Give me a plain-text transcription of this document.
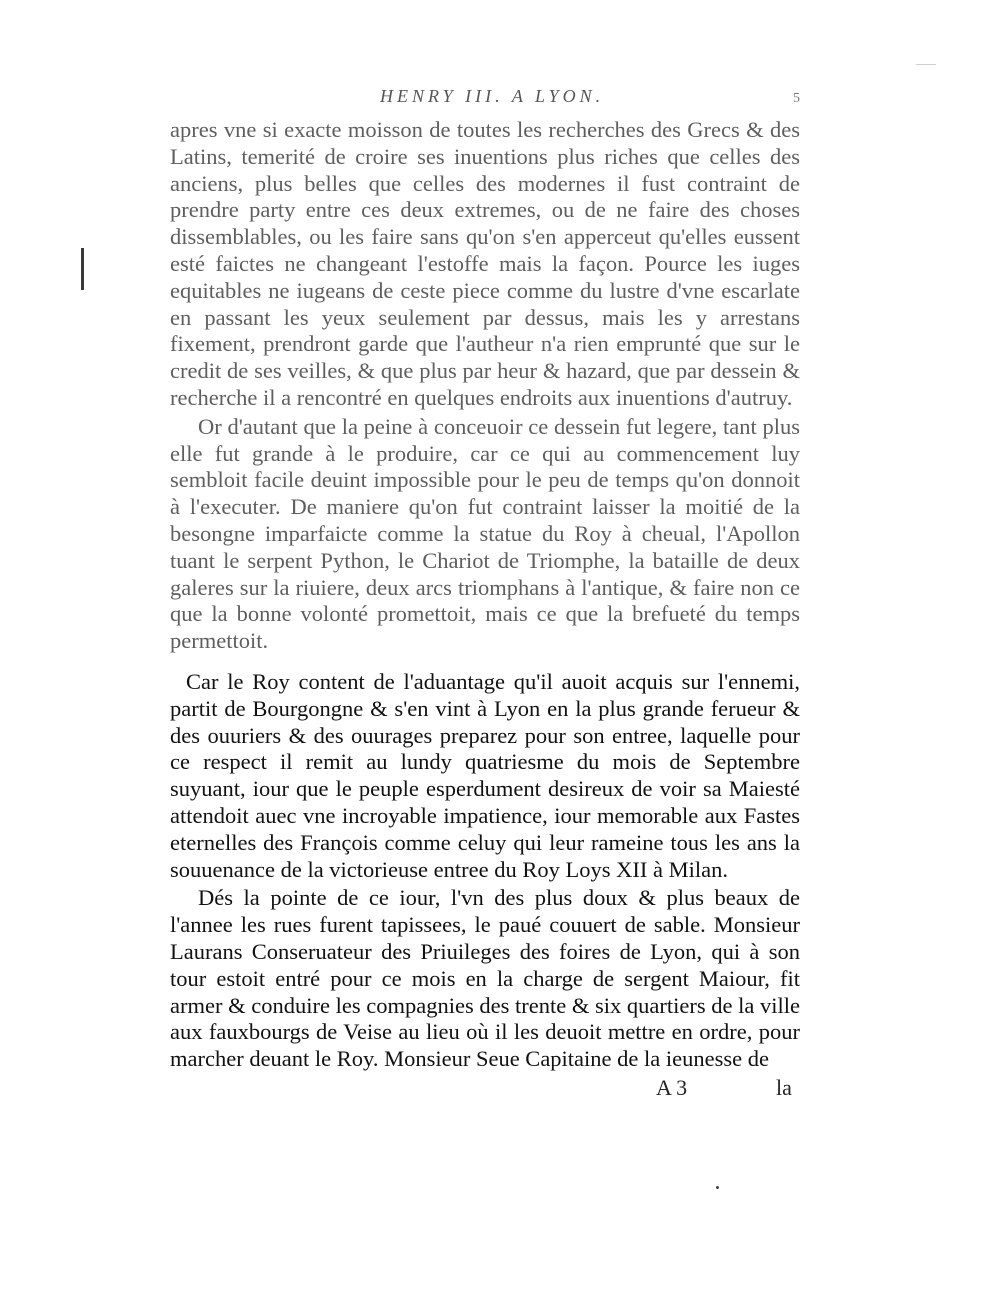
HENRY III. A LYON.	5

apres vne si exacte moisson de toutes les recherches des Grecs & des Latins, temerité de croire ses inuentions plus riches que celles des anciens, plus belles que celles des modernes il fust contraint de prendre party entre ces deux extremes, ou de ne faire des choses dissemblables, ou les faire sans qu'on s'en apperceut qu'elles eussent esté faictes ne changeant l'estoffe mais la façon. Pource les iuges equitables ne iugeans de ceste piece comme du lustre d'vne escarlate en passant les yeux seulement par dessus, mais les y arrestans fixement, prendront garde que l'autheur n'a rien emprunté que sur le credit de ses veilles, & que plus par heur & hazard, que par dessein & recherche il a rencontré en quelques endroits aux inuentions d'autruy.

Or d'autant que la peine à conceuoir ce dessein fut legere, tant plus elle fut grande à le produire, car ce qui au commencement luy sembloit facile deuint impossible pour le peu de temps qu'on donnoit à l'executer. De maniere qu'on fut contraint laisser la moitié de la besongne imparfaicte comme la statue du Roy à cheual, l'Apollon tuant le serpent Python, le Chariot de Triomphe, la bataille de deux galeres sur la riuiere, deux arcs triomphans à l'antique, & faire non ce que la bonne volonté promettoit, mais ce que la brefueté du temps permettoit.

Car le Roy content de l'aduantage qu'il auoit acquis sur l'ennemi, partit de Bourgongne & s'en vint à Lyon en la plus grande ferueur & des ouuriers & des ouurages preparez pour son entree, laquelle pour ce respect il remit au lundy quatriesme du mois de Septembre suyuant, iour que le peuple esperdument desireux de voir sa Maiesté attendoit auec vne incroyable impatience, iour memorable aux Fastes eternelles des François comme celuy qui leur rameine tous les ans la souuenance de la victorieuse entree du Roy Loys XII à Milan.

Dés la pointe de ce iour, l'vn des plus doux & plus beaux de l'annee les rues furent tapissees, le paué couuert de sable. Monsieur Laurans Conseruateur des Priuileges des foires de Lyon, qui à son tour estoit entré pour ce mois en la charge de sergent Maiour, fit armer & conduire les compagnies des trente & six quartiers de la ville aux fauxbourgs de Veise au lieu où il les deuoit mettre en ordre, pour marcher deuant le Roy. Monsieur Seue Capitaine de la ieunesse de

A 3	la
